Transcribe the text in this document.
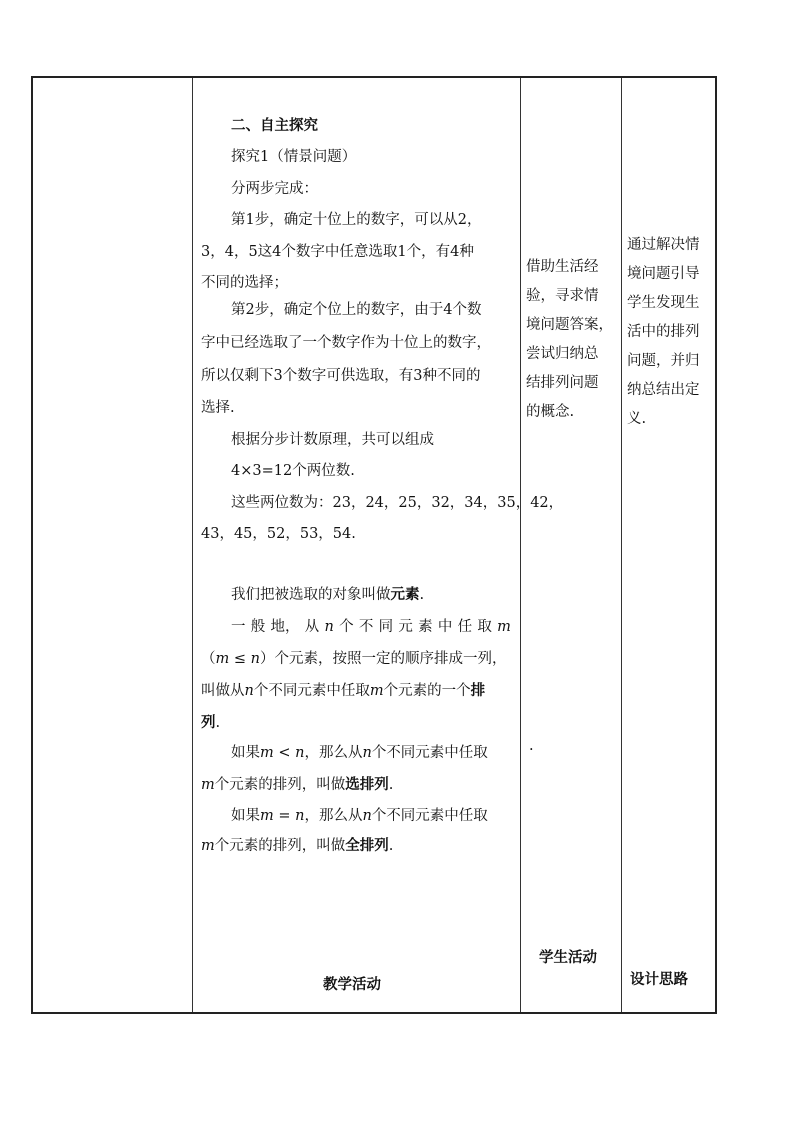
二、自主探究
探究1（情景问题）
分两步完成：
第1步，确定十位上的数字，可以从2，
3，4，5这4个数字中任意选取1个，有4种
不同的选择；
第2步，确定个位上的数字，由于4个数
字中已经选取了一个数字作为十位上的数字，
所以仅剩下3个数字可供选取，有3种不同的
选择.
根据分步计数原理，共可以组成
4×3=12个两位数.
这些两位数为：23，24，25，32，34，35，42，
43，45，52，53，54.
我们把被选取的对象叫做元素.
一 般 地， 从 n 个 不 同 元 素 中 任 取 m
（m ≤ n）个元素，按照一定的顺序排成一列，
叫做从n个不同元素中任取m个元素的一个排
列.
如果m < n，那么从n个不同元素中任取
m个元素的排列，叫做选排列.
如果m = n，那么从n个不同元素中任取
m个元素的排列，叫做全排列.

借助生活经

验，寻求情

境问题答案，

尝试归纳总

结排列问题

的概念.

·

通过解决情

境问题引导

学生发现生

活中的排列

问题，并归

纳总结出定

义.

教学活动
学生活动
设计思路
